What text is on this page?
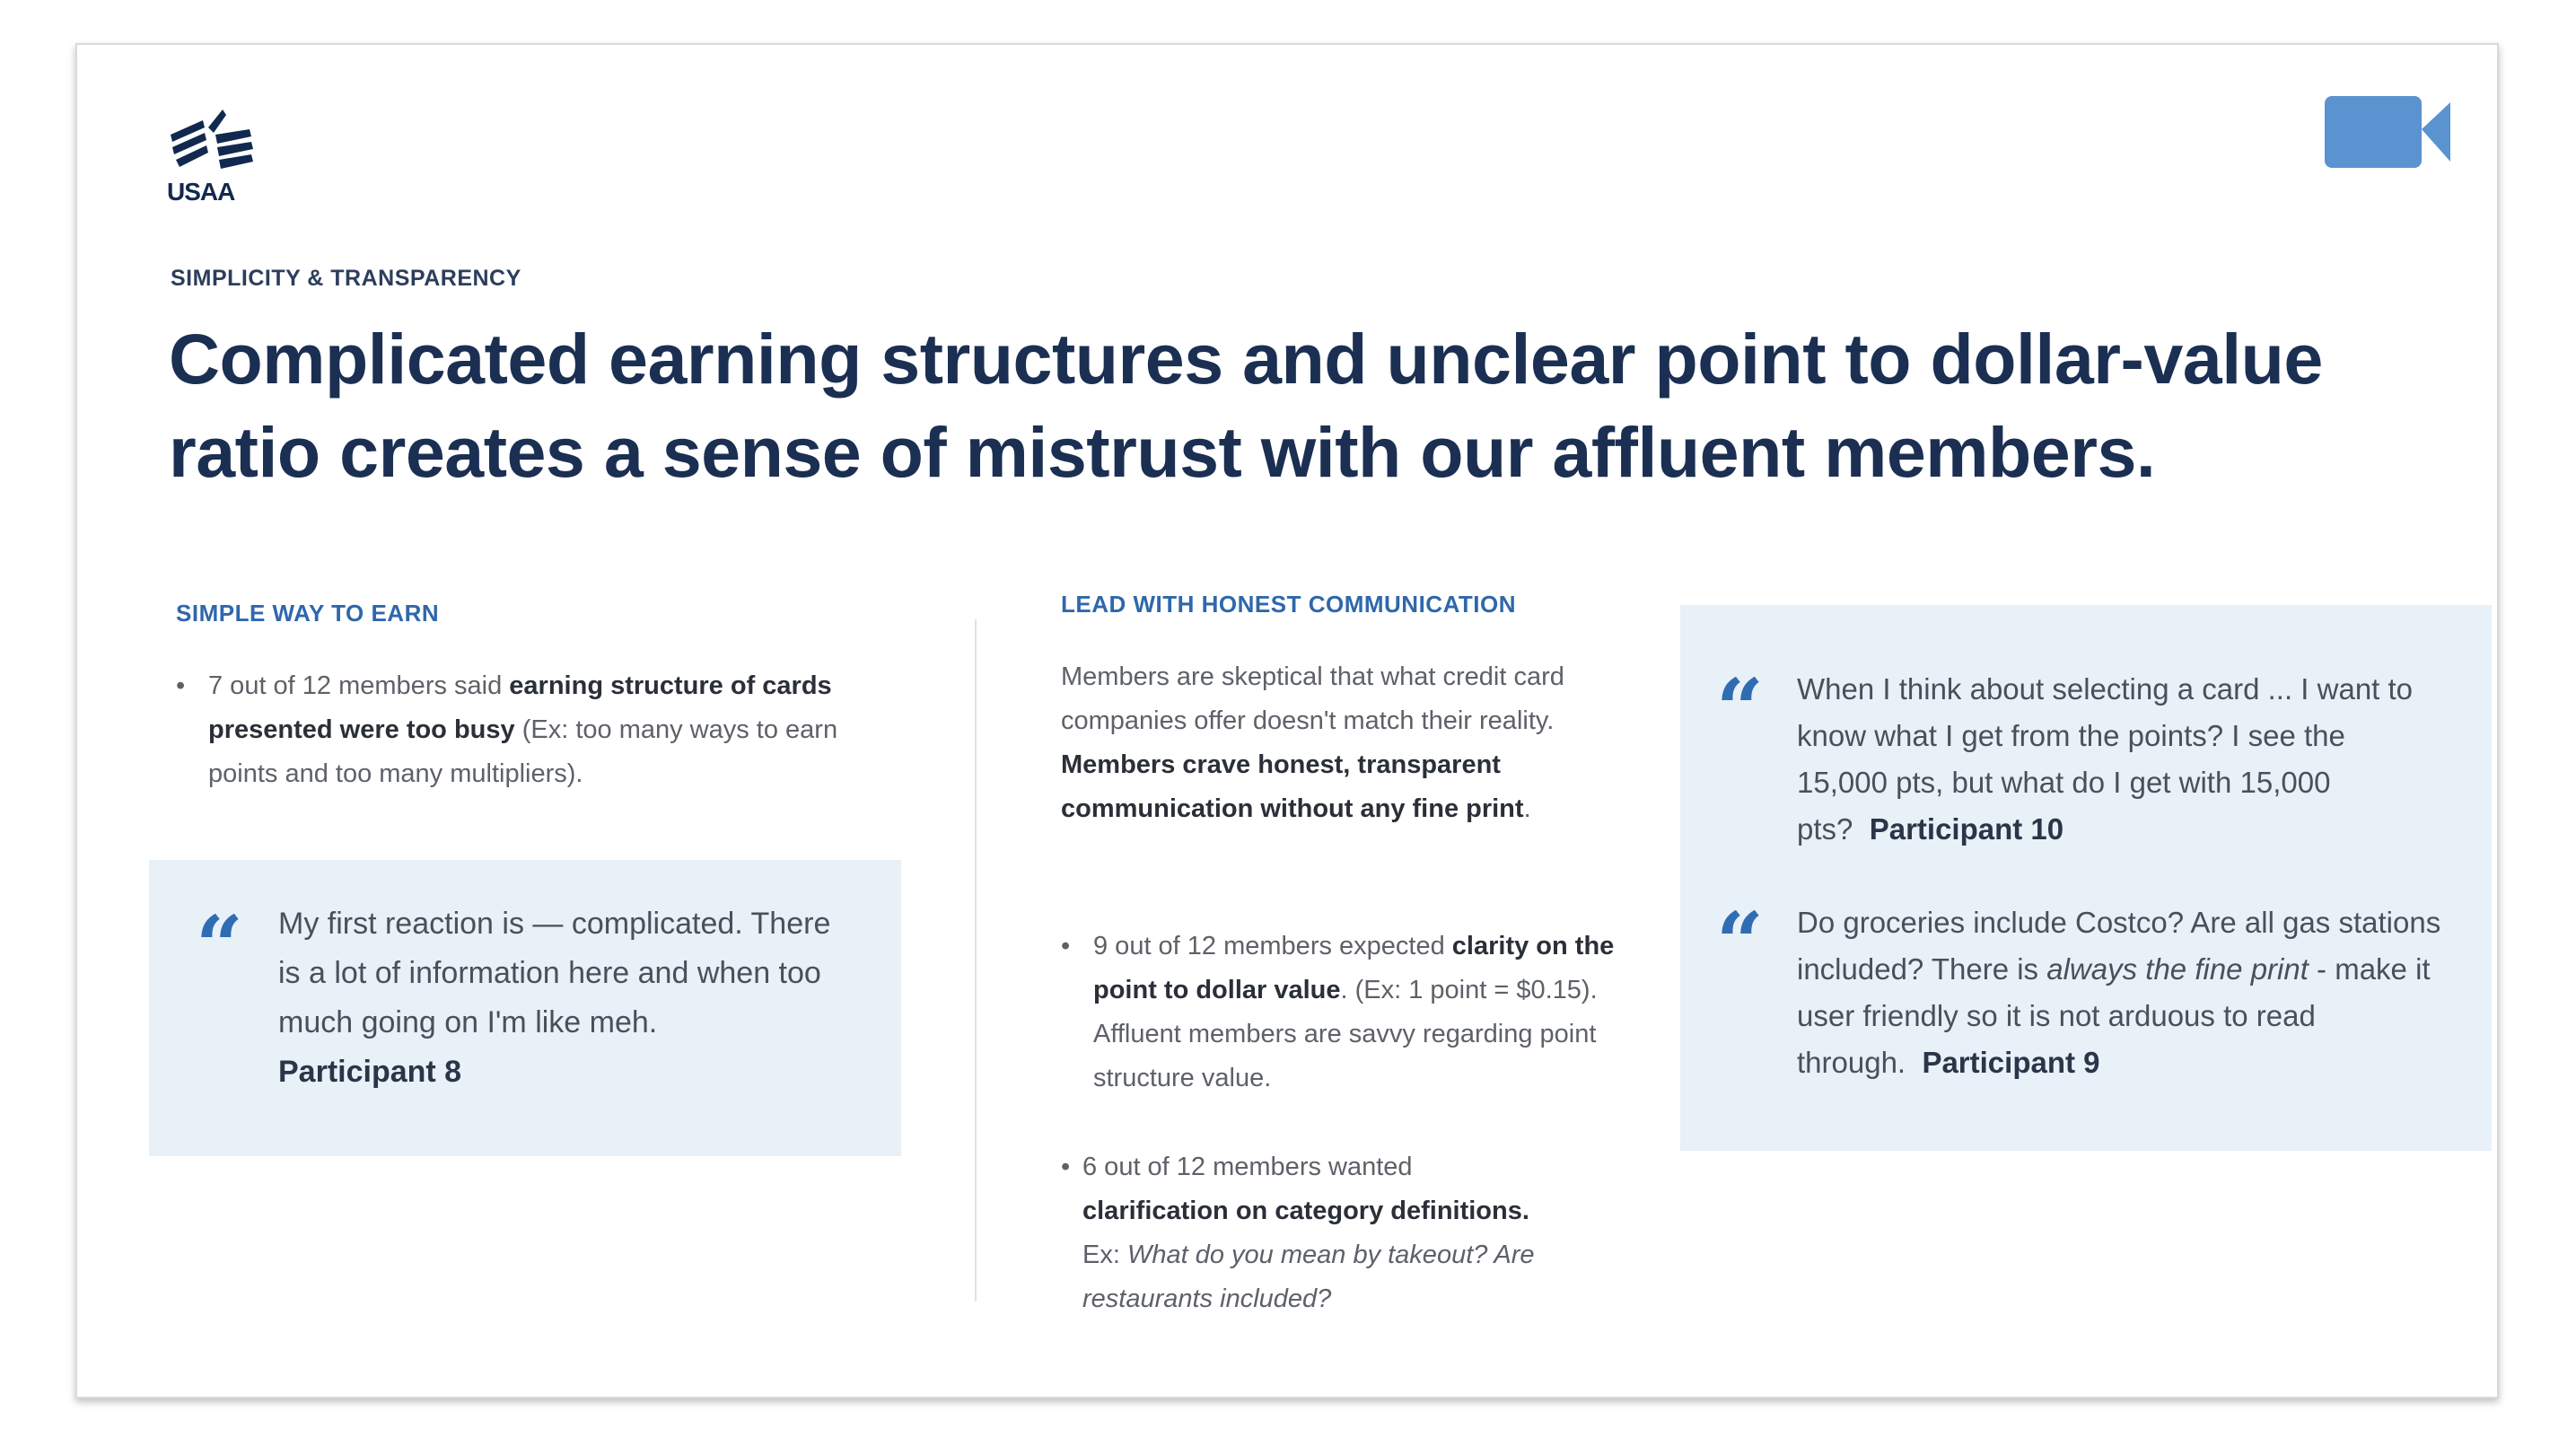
USAA
SIMPLICITY & TRANSPARENCY
Complicated earning structures and unclear point to dollar-value ratio creates a sense of mistrust with our affluent members.
SIMPLE WAY TO EARN
• 7 out of 12 members said earning structure of cards presented were too busy (Ex: too many ways to earn points and too many multipliers).
“ My first reaction is — complicated. There is a lot of information here and when too much going on I'm like meh.
Participant 8
LEAD WITH HONEST COMMUNICATION
Members are skeptical that what credit card companies offer doesn't match their reality. Members crave honest, transparent communication without any fine print.
• 9 out of 12 members expected clarity on the point to dollar value. (Ex: 1 point = $0.15). Affluent members are savvy regarding point structure value.
• 6 out of 12 members wanted
clarification on category definitions.
Ex: What do you mean by takeout? Are restaurants included?
“ When I think about selecting a card ... I want to know what I get from the points? I see the 15,000 pts, but what do I get with 15,000 pts? Participant 10
“ Do groceries include Costco? Are all gas stations included? There is always the fine print - make it user friendly so it is not arduous to read through. Participant 9
